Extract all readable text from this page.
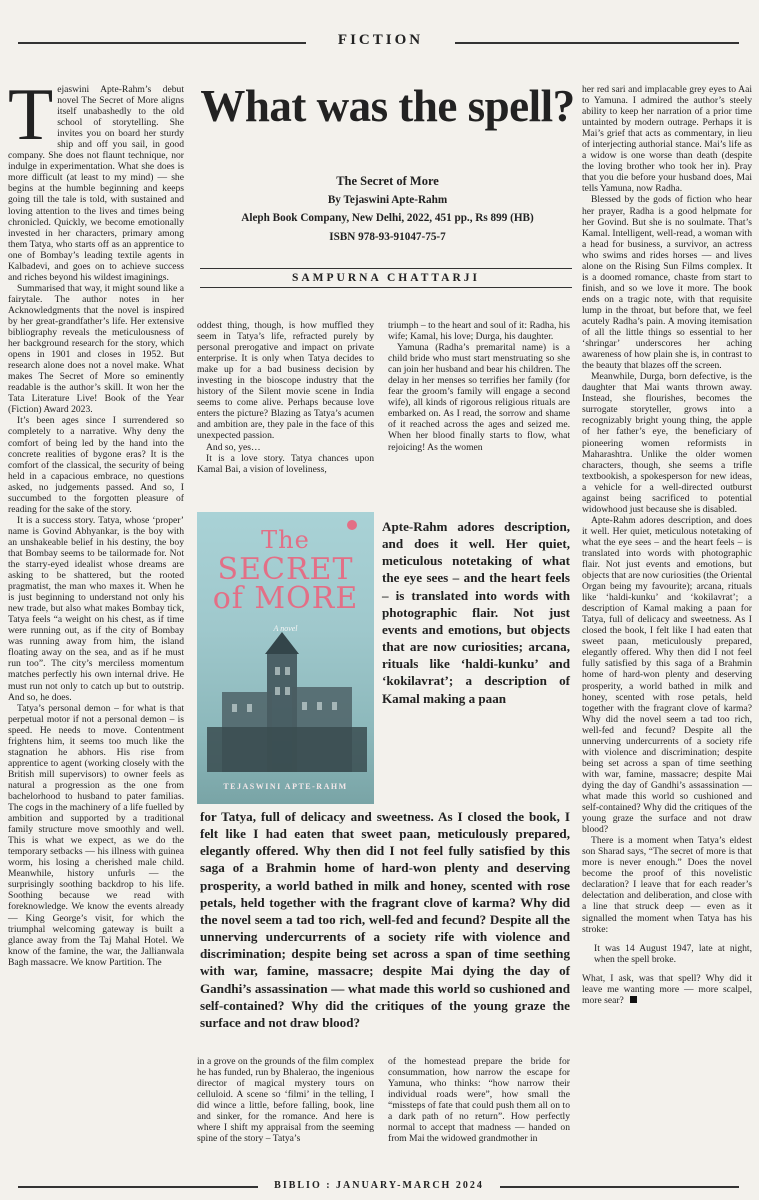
FICTION

Tejaswini Apte-Rahm’s debut novel The Secret of More aligns itself unabashedly to the old school of storytelling. She invites you on board her sturdy ship and off you sail, in good company. She does not flaunt technique, nor indulge in experimentation. What she does is more difficult (at least to my mind) — she begins at the humble beginning and keeps going till the tale is told, with sustained and loving attention to the lives and times being chronicled. Quickly, we become emotionally invested in her characters, primary among them Tatya, who starts off as an apprentice to one of Bombay’s leading textile agents in Kalbadevi, and goes on to achieve success and riches beyond his wildest imaginings.

Summarised that way, it might sound like a fairytale. The author notes in her Acknowledgments that the novel is inspired by her great-grandfather’s life. Her extensive bibliography reveals the meticulousness of her background research for the story, which opens in 1901 and closes in 1952. But research alone does not a novel make. What makes The Secret of More so eminently readable is the author’s skill. It won her the Tata Literature Live! Book of the Year (Fiction) Award 2023.

It’s been ages since I surrendered so completely to a narrative. Why deny the comfort of being led by the hand into the concrete realities of bygone eras? It is the comfort of the classical, the security of being held in a capacious embrace, no questions asked, no judgements passed. And so, I succumbed to the forgotten pleasure of reading for the sake of the story.

It is a success story. Tatya, whose ‘proper’ name is Govind Abhyankar, is the boy with an unshakeable belief in his destiny, the boy that Bombay seems to be tailormade for. Not the starry-eyed idealist whose dreams are asking to be shattered, but the rooted pragmatist, the man who maxes it. When he is just beginning to understand not only his new trade, but also what makes Bombay tick, Tatya feels “a weight on his chest, as if time were running out, as if the city of Bombay was running away from him, the island floating away on the sea, and as if he must run too”. The city’s merciless momentum matches perfectly his own internal drive. He must run not only to catch up but to outstrip. And so, he does.

Tatya’s personal demon – for what is that perpetual motor if not a personal demon – is speed. He needs to move. Contentment frightens him, it seems too much like the stagnation he abhors. His rise from apprentice to agent (working closely with the British mill supervisors) to owner feels as natural a progression as the one from bachelorhood to husband to pater familias. The cogs in the machinery of a life fuelled by ambition and supported by a traditional family structure move smoothly and well. This is what we expect, as we do the temporary setbacks — his illness with guinea worm, his losing a cherished male child. Meanwhile, history unfurls — the surprisingly soothing backdrop to his life. Soothing because we read with foreknowledge. We know the events already — King George’s visit, for which the triumphal welcoming gateway is built a glance away from the Taj Mahal Hotel. We know of the famine, the war, the Jallianwala Bagh massacre. We know Partition. The

What was the spell?
The Secret of More
By Tejaswini Apte-Rahm
Aleph Book Company, New Delhi, 2022, 451 pp., Rs 899 (HB)
ISBN 978-93-91047-75-7
SAMPURNA CHATTARJI

oddest thing, though, is how muffled they seem in Tatya’s life, refracted purely by personal prerogative and impact on private enterprise. It is only when Tatya decides to make up for a bad business decision by investing in the bioscope industry that the history of the Silent movie scene in India seems to come alive. Perhaps because love enters the picture? Blazing as Tatya’s acumen and ambition are, they pale in the face of this unexpected passion.

And so, yes…

It is a love story. Tatya chances upon Kamal Bai, a vision of loveliness,

triumph – to the heart and soul of it: Radha, his wife; Kamal, his love; Durga, his daughter.

Yamuna (Radha’s premarital name) is a child bride who must start menstruating so she can join her husband and bear his children. The delay in her menses so terrifies her family (for fear the groom’s family will engage a second wife), all kinds of rigorous religious rituals are embarked on. As I read, the sorrow and shame of it reached across the ages and seized me. When her blood finally starts to flow, what rejoicing! As the women

The
SECRET
of MORE
A novel
TEJASWINI APTE-RAHM
Apte-Rahm adores description, and does it well. Her quiet, meticulous notetaking of what the eye sees – and the heart feels – is translated into words with photographic flair. Not just events and emotions, but objects that are now curiosities; arcana, rituals like ‘haldi-kunku’ and ‘kokilavrat’; a description of Kamal making a paan
for Tatya, full of delicacy and sweetness. As I closed the book, I felt like I had eaten that sweet paan, meticulously prepared, elegantly offered. Why then did I not feel fully satisfied by this saga of a Brahmin home of hard-won plenty and deserving prosperity, a world bathed in milk and honey, scented with rose petals, held together with the fragrant clove of karma? Why did the novel seem a tad too rich, well-fed and fecund? Despite all the unnerving undercurrents of a society rife with violence and discrimination; despite being set across a span of time seething with war, famine, massacre; despite Mai dying the day of Gandhi’s assassination — what made this world so cushioned and self-contained? Why did the critiques of the young graze the surface and not draw blood?

in a grove on the grounds of the film complex he has funded, run by Bhalerao, the ingenious director of magical mystery tours on celluloid. A scene so ‘filmi’ in the telling, I did wince a little, before falling, book, line and sinker, for the romance. And here is where I shift my appraisal from the seeming spine of the story – Tatya’s

of the homestead prepare the bride for consummation, how narrow the escape for Yamuna, who thinks: “how narrow their individual roads were”, how small the “missteps of fate that could push them all on to a dark path of no return”. How perfectly normal to accept that madness — handed on from Mai the widowed grandmother in

her red sari and implacable grey eyes to Aai to Yamuna. I admired the author’s steely ability to keep her narration of a prior time untainted by modern outrage. Perhaps it is Mai’s grief that acts as commentary, in lieu of interjecting authorial stance. Mai’s life as a widow is one worse than death (despite the loving brother who took her in). Pray that you die before your husband does, Mai tells Yamuna, now Radha.

Blessed by the gods of fiction who hear her prayer, Radha is a good helpmate for her Govind. But she is no soulmate. That’s Kamal. Intelligent, well-read, a woman with a head for business, a survivor, an actress who swims and rides horses — and lives alone on the Rising Sun Films complex. It is a doomed romance, chaste from start to finish, and so we love it more. The book ends on a tragic note, with that requisite lump in the throat, but before that, we feel acutely Radha’s pain. A moving itemisation of all the little things so essential to her ‘shringar’ underscores her aching awareness of how plain she is, in contrast to the beauty that blazes off the screen.

Meanwhile, Durga, born defective, is the daughter that Mai wants thrown away. Instead, she flourishes, becomes the surrogate storyteller, grows into a recognizably bright young thing, the apple of her father’s eye, the beneficiary of pioneering women reformists in Maharashtra. Unlike the older women characters, though, she seems a trifle textbookish, a spokesperson for new ideas, a vehicle for a well-directed outburst against being sacrificed to potential widowhood just because she is disabled.

Apte-Rahm adores description, and does it well. Her quiet, meticulous notetaking of what the eye sees – and the heart feels – is translated into words with photographic flair. Not just events and emotions, but objects that are now curiosities (the Oriental Organ being my favourite); arcana, rituals like ‘haldi-kunku’ and ‘kokilavrat’; a description of Kamal making a paan for Tatya, full of delicacy and sweetness. As I closed the book, I felt like I had eaten that sweet paan, meticulously prepared, elegantly offered. Why then did I not feel fully satisfied by this saga of a Brahmin home of hard-won plenty and deserving prosperity, a world bathed in milk and honey, scented with rose petals, held together with the fragrant clove of karma? Why did the novel seem a tad too rich, well-fed and fecund? Despite all the unnerving undercurrents of a society rife with violence and discrimination; despite being set across a span of time seething with war, famine, massacre; despite Mai dying the day of Gandhi’s assassination — what made this world so cushioned and self-contained? Why did the critiques of the young graze the surface and not draw blood?

There is a moment when Tatya’s eldest son Sharad says, “The secret of more is that more is never enough.” Does the novel become the proof of this novelistic declaration? I leave that for each reader’s delectation and deliberation, and close with a line that struck deep — even as it signalled the moment when Tatya has his stroke:

It was 14 August 1947, late at night, when the spell broke.

What, I ask, was that spell? Why did it leave me wanting more — more scalpel, more sear?

BIBLIO : JANUARY-MARCH 2024
